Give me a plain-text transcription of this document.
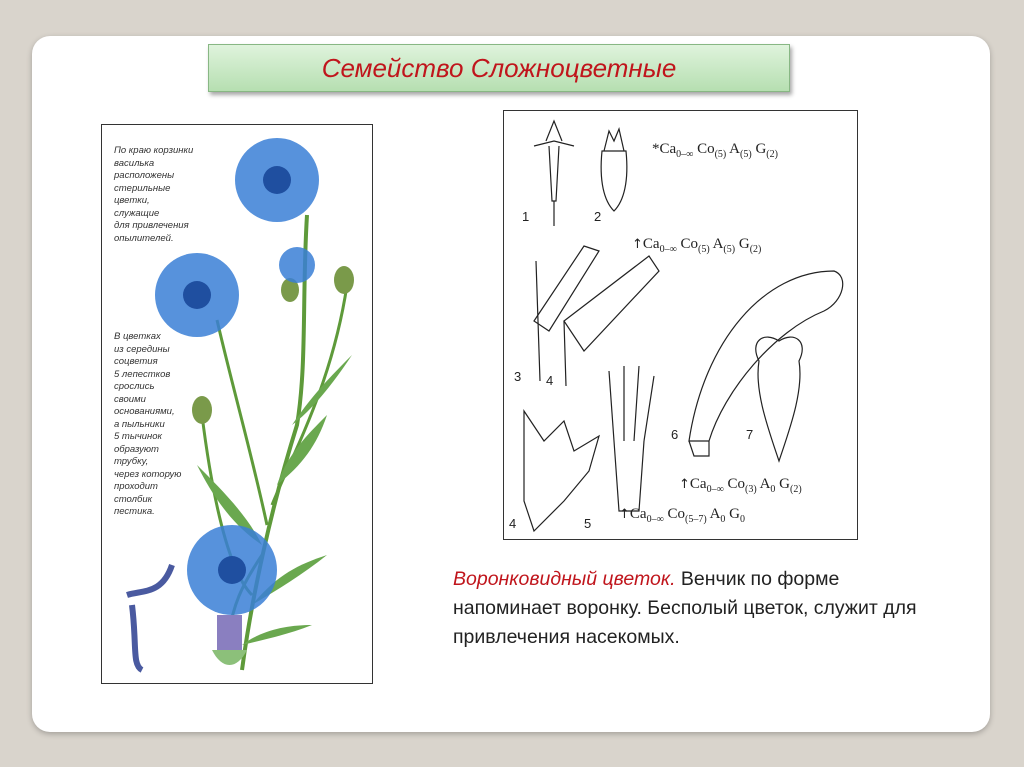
Семейство Сложноцветные
По краю корзинки
василька
расположены
стерильные
цветки,
служащие
для привлечения
опылителей.
В цветках
из середины
соцветия
5 лепестков
срослись
своими
основаниями,
а пыльники
5 тычинок
образуют
трубку,
через которую
проходит
столбик
пестика.
1	2
3 4
4	5
6	7
$*Ca_{0-\infty}$ $Co_{(5)}$ $A_{(5)}$ $G_{(2)}$
$↑Ca_{0-\infty}$ $Co_{(5)}$ $A_{(5)}$ $G_{(2)}$
$↑Ca_{0-\infty}$ $Co_{(3)}$ $A_0$ $G_{(2)}$
$↑Ca_{0-\infty}$ $Co_{(5-7)}$ $A_0$ $G_0$
Воронковидный цветок. Венчик по форме напоминает воронку. Бесполый цветок, служит для привлечения насекомых.
